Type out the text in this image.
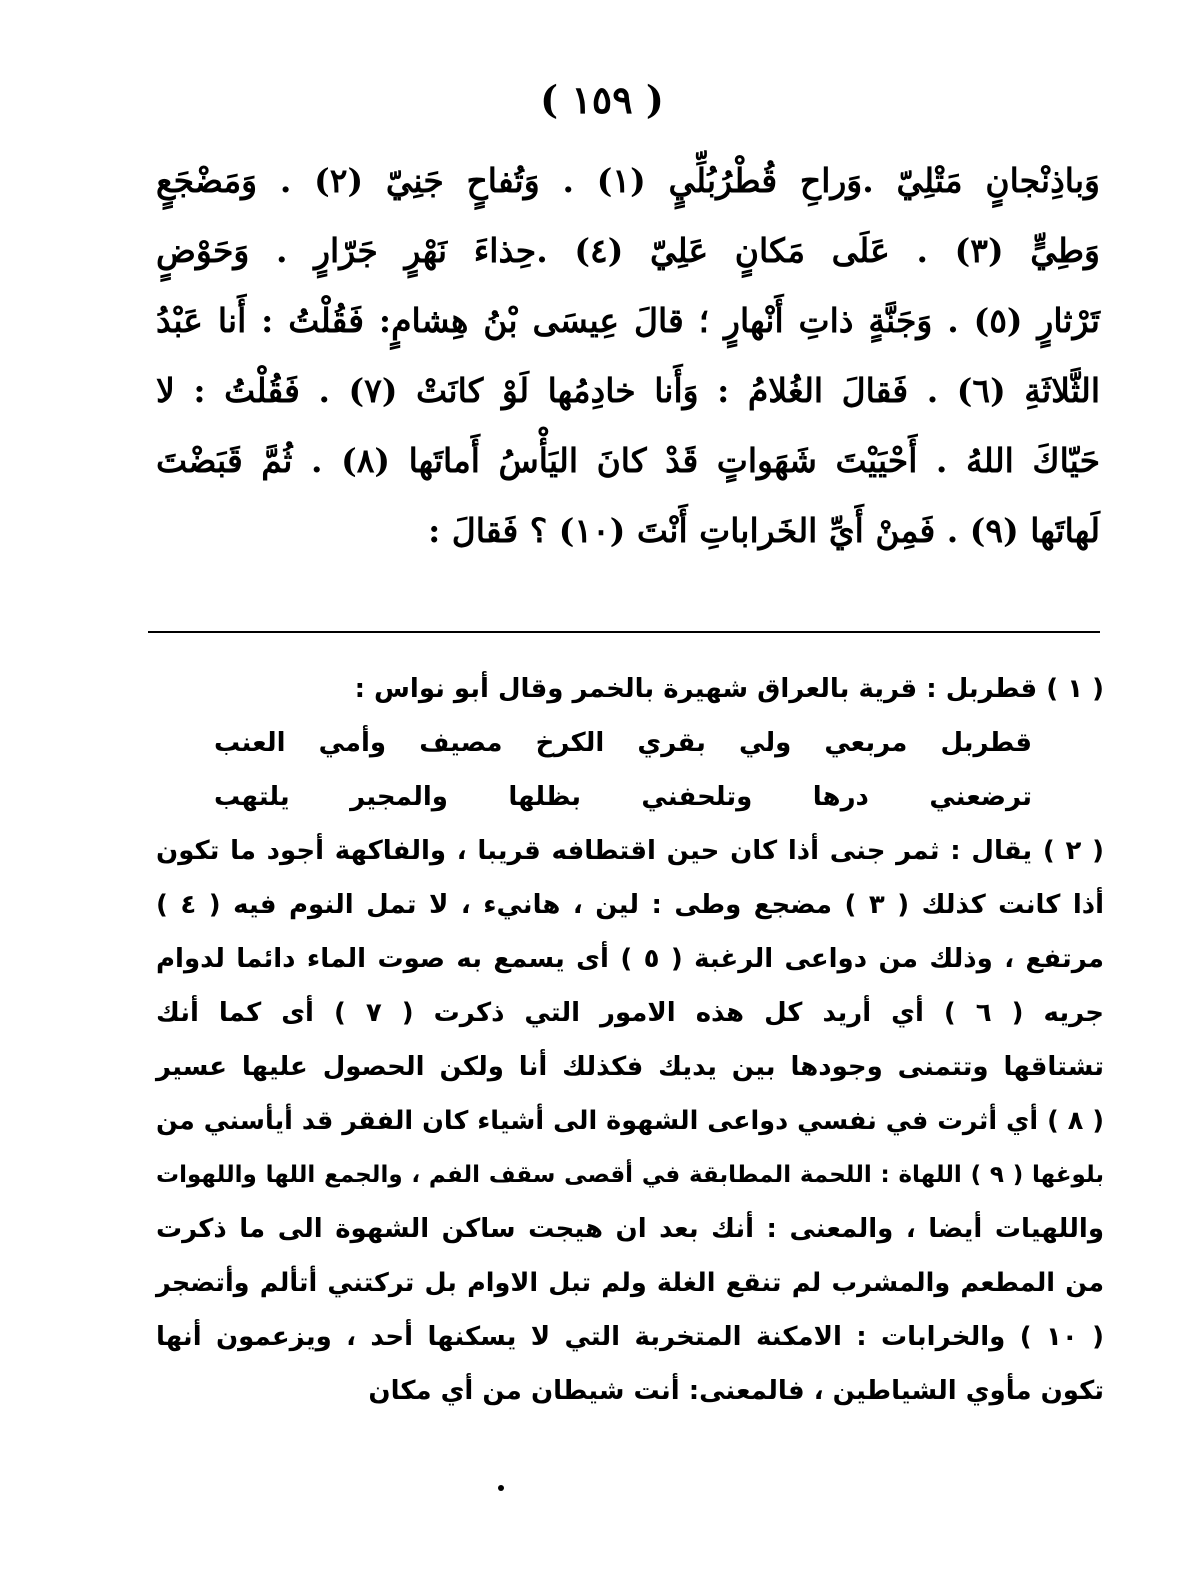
( ١٥٩ )
وَباذِنْجانٍ مَتْلِيّ .وَراحِ قُطْرُبُلِّيٍ (١) . وَتُفاحٍ جَنِيّ (٢) . وَمَضْجَعٍ
وَطِيٍّ (٣) . عَلَى مَكانٍ عَلِيّ (٤) .حِذاءَ نَهْرٍ جَرّارٍ . وَحَوْضٍ
تَرْثارٍ (٥) . وَجَنَّةٍ ذاتِ أَنْهارٍ ؛ قالَ عِيسَى بْنُ هِشامٍ: فَقُلْتُ : أَنا عَبْدُ
الثَّلاثَةِ (٦) . فَقالَ الغُلامُ : وَأَنا خادِمُها لَوْ كانَتْ (٧) . فَقُلْتُ : لا
حَيّاكَ اللهُ . أَحْيَيْتَ شَهَواتٍ قَدْ كانَ اليَأْسُ أَماتَها (٨) . ثُمَّ قَبَضْتَ
لَهاتَها (٩) . فَمِنْ أَيِّ الخَراباتِ أَنْتَ (١٠) ؟ فَقالَ :
( ١ ) قطربل : قرية بالعراق شهيرة بالخمر وقال أبو نواس :
قطربل مربعي ولي بقري الكرخ مصيف وأمي العنب
ترضعني درها وتلحفني بظلها والمجير يلتهب
( ٢ ) يقال : ثمر جنى أذا كان حين اقتطافه قريبا ، والفاكهة أجود ما تكون
أذا كانت كذلك ( ٣ ) مضجع وطى : لين ، هانيء ، لا تمل النوم فيه ( ٤ )
مرتفع ، وذلك من دواعى الرغبة ( ٥ ) أى يسمع به صوت الماء دائما لدوام
جريه ( ٦ ) أي أريد كل هذه الامور التي ذكرت ( ٧ ) أى كما أنك
تشتاقها وتتمنى وجودها بين يديك فكذلك أنا ولكن الحصول عليها عسير
( ٨ ) أي أثرت في نفسي دواعى الشهوة الى أشياء كان الفقر قد أيأسني من
بلوغها ( ٩ ) اللهاة : اللحمة المطابقة في أقصى سقف الفم ، والجمع اللها واللهوات
واللهيات أيضا ، والمعنى : أنك بعد ان هيجت ساكن الشهوة الى ما ذكرت
من المطعم والمشرب لم تنقع الغلة ولم تبل الاوام بل تركتني أتألم وأتضجر
( ١٠ ) والخرابات : الامكنة المتخربة التي لا يسكنها أحد ، ويزعمون أنها
تكون مأوي الشياطين ، فالمعنى: أنت شيطان من أي مكان
